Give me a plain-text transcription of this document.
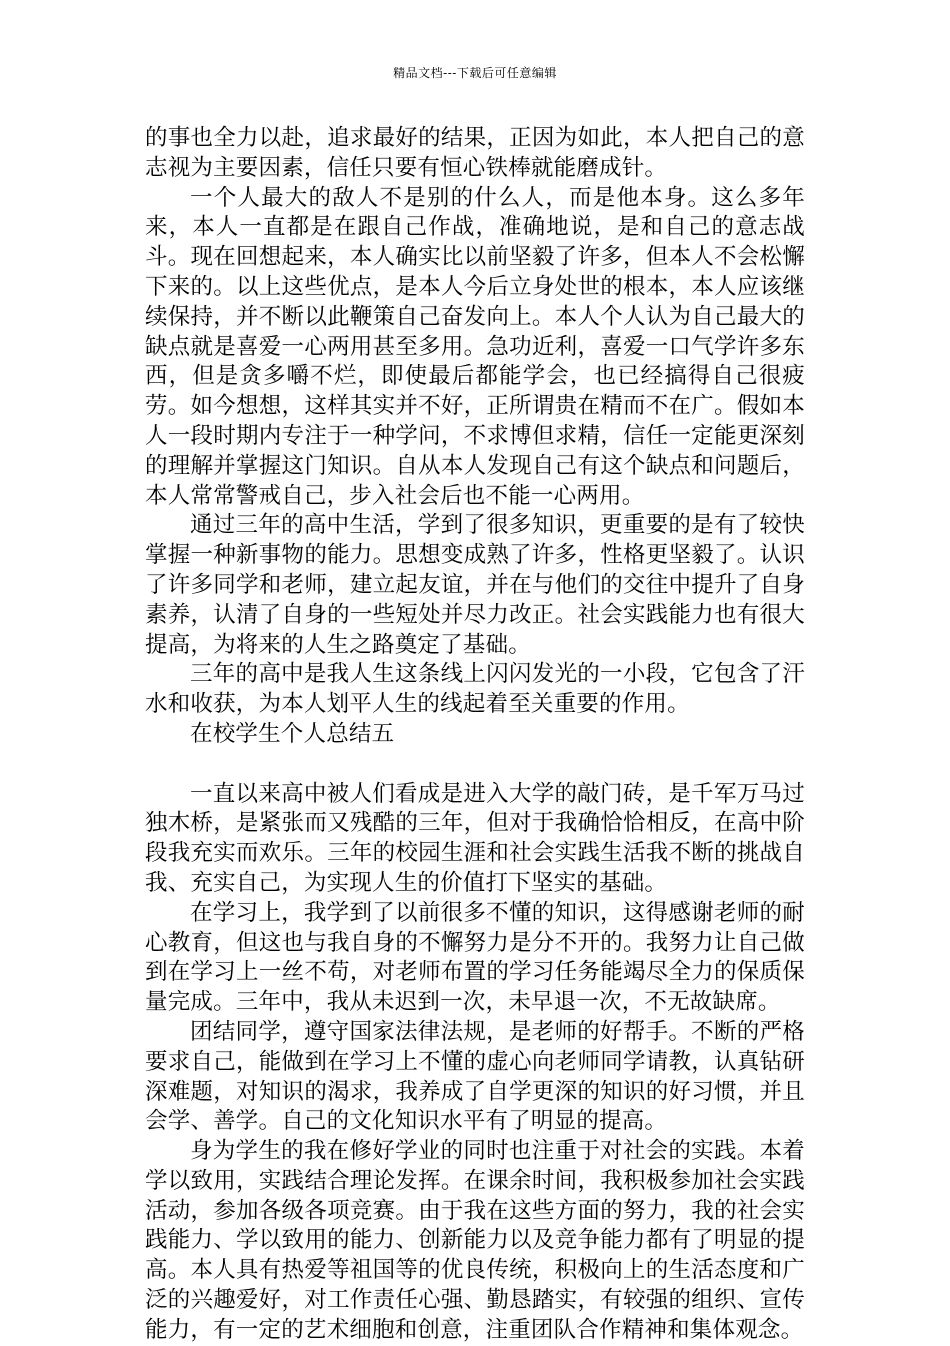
精品文档---下载后可任意编辑

的事也全力以赴，追求最好的结果，正因为如此，本人把自己的意志视为主要因素，信任只要有恒心铁棒就能磨成针。

一个人最大的敌人不是别的什么人，而是他本身。这么多年来，本人一直都是在跟自己作战，准确地说，是和自己的意志战斗。现在回想起来，本人确实比以前坚毅了许多，但本人不会松懈下来的。以上这些优点，是本人今后立身处世的根本，本人应该继续保持，并不断以此鞭策自己奋发向上。本人个人认为自己最大的缺点就是喜爱一心两用甚至多用。急功近利，喜爱一口气学许多东西，但是贪多嚼不烂，即使最后都能学会，也已经搞得自己很疲劳。如今想想，这样其实并不好，正所谓贵在精而不在广。假如本人一段时期内专注于一种学问，不求博但求精，信任一定能更深刻的理解并掌握这门知识。自从本人发现自己有这个缺点和问题后，本人常常警戒自己，步入社会后也不能一心两用。

通过三年的高中生活，学到了很多知识，更重要的是有了较快掌握一种新事物的能力。思想变成熟了许多，性格更坚毅了。认识了许多同学和老师，建立起友谊，并在与他们的交往中提升了自身素养，认清了自身的一些短处并尽力改正。社会实践能力也有很大提高，为将来的人生之路奠定了基础。

三年的高中是我人生这条线上闪闪发光的一小段，它包含了汗水和收获，为本人划平人生的线起着至关重要的作用。

在校学生个人总结五

一直以来高中被人们看成是进入大学的敲门砖，是千军万马过独木桥，是紧张而又残酷的三年，但对于我确恰恰相反，在高中阶段我充实而欢乐。三年的校园生涯和社会实践生活我不断的挑战自我、充实自己，为实现人生的价值打下坚实的基础。

在学习上，我学到了以前很多不懂的知识，这得感谢老师的耐心教育，但这也与我自身的不懈努力是分不开的。我努力让自己做到在学习上一丝不苟，对老师布置的学习任务能竭尽全力的保质保量完成。三年中，我从未迟到一次，未早退一次，不无故缺席。

团结同学，遵守国家法律法规，是老师的好帮手。不断的严格要求自己，能做到在学习上不懂的虚心向老师同学请教，认真钻研深难题，对知识的渴求，我养成了自学更深的知识的好习惯，并且会学、善学。自己的文化知识水平有了明显的提高。

身为学生的我在修好学业的同时也注重于对社会的实践。本着学以致用，实践结合理论发挥。在课余时间，我积极参加社会实践活动，参加各级各项竞赛。由于我在这些方面的努力，我的社会实践能力、学以致用的能力、创新能力以及竞争能力都有了明显的提高。本人具有热爱等祖国等的优良传统，积极向上的生活态度和广泛的兴趣爱好，对工作责任心强、勤恳踏实，有较强的组织、宣传能力，有一定的艺术细胞和创意，注重团队合作精神和集体观念。
